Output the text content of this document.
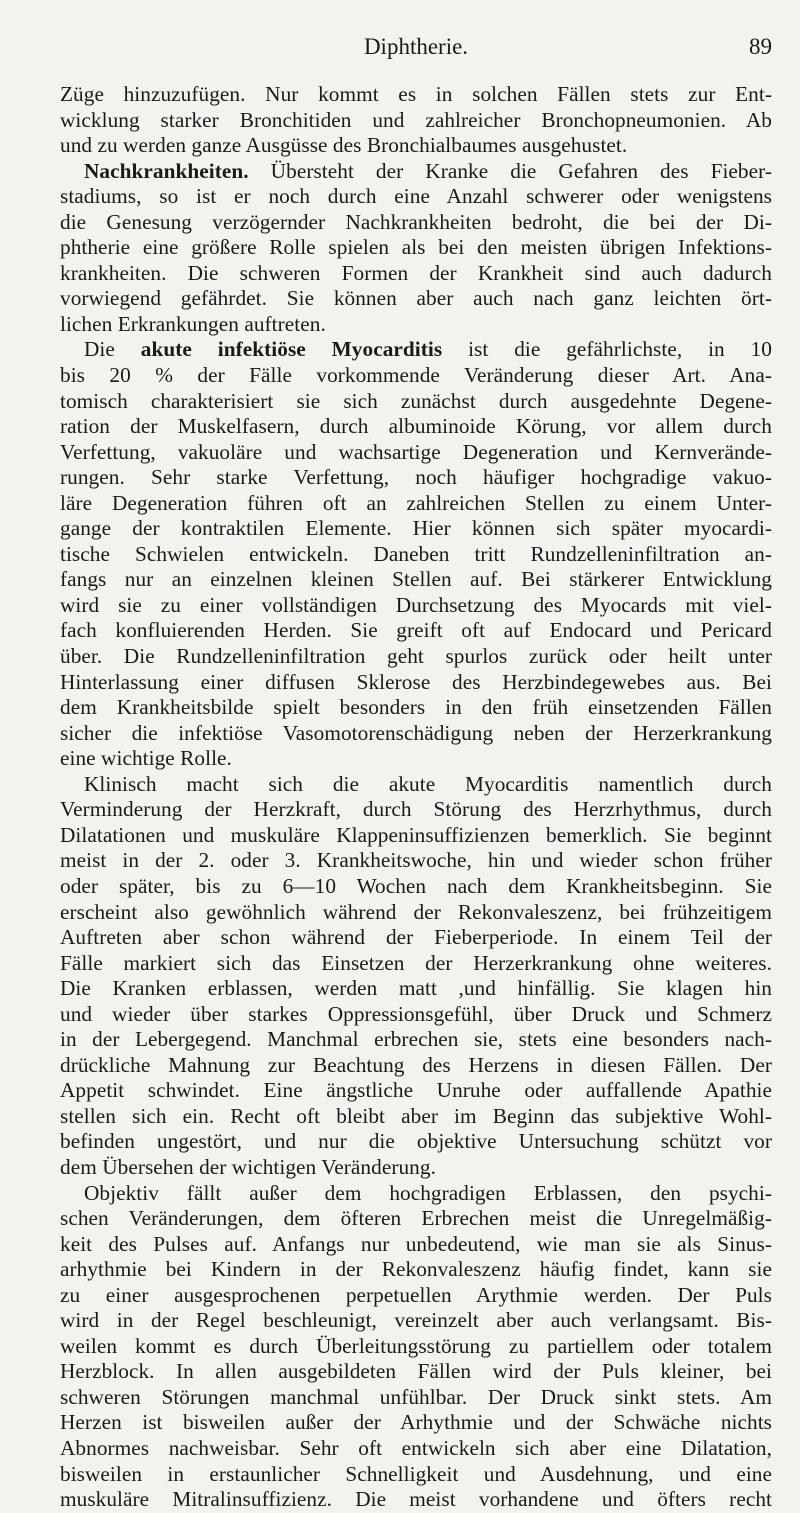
Diphtherie.	89
Züge hinzuzufügen. Nur kommt es in solchen Fällen stets zur Ent-
wicklung starker Bronchitiden und zahlreicher Bronchopneumonien. Ab
und zu werden ganze Ausgüsse des Bronchialbaumes ausgehustet.
Nachkrankheiten. Übersteht der Kranke die Gefahren des Fieber-
stadiums, so ist er noch durch eine Anzahl schwerer oder wenigstens
die Genesung verzögernder Nachkrankheiten bedroht, die bei der Di-
phtherie eine größere Rolle spielen als bei den meisten übrigen Infektions-
krankheiten. Die schweren Formen der Krankheit sind auch dadurch
vorwiegend gefährdet. Sie können aber auch nach ganz leichten ört-
lichen Erkrankungen auftreten.
Die akute infektiöse Myocarditis ist die gefährlichste, in 10
bis 20 % der Fälle vorkommende Veränderung dieser Art. Ana-
tomisch charakterisiert sie sich zunächst durch ausgedehnte Degene-
ration der Muskelfasern, durch albuminoide Körung, vor allem durch
Verfettung, vakuoläre und wachsartige Degeneration und Kernverände-
rungen. Sehr starke Verfettung, noch häufiger hochgradige vakuo-
läre Degeneration führen oft an zahlreichen Stellen zu einem Unter-
gange der kontraktilen Elemente. Hier können sich später myocardi-
tische Schwielen entwickeln. Daneben tritt Rundzelleninfiltration an-
fangs nur an einzelnen kleinen Stellen auf. Bei stärkerer Entwicklung
wird sie zu einer vollständigen Durchsetzung des Myocards mit viel-
fach konfluierenden Herden. Sie greift oft auf Endocard und Pericard
über. Die Rundzelleninfiltration geht spurlos zurück oder heilt unter
Hinterlassung einer diffusen Sklerose des Herzbindegewebes aus. Bei
dem Krankheitsbilde spielt besonders in den früh einsetzenden Fällen
sicher die infektiöse Vasomotorenschädigung neben der Herzerkrankung
eine wichtige Rolle.
Klinisch macht sich die akute Myocarditis namentlich durch
Verminderung der Herzkraft, durch Störung des Herzrhythmus, durch
Dilatationen und muskuläre Klappeninsuffizienzen bemerklich. Sie beginnt
meist in der 2. oder 3. Krankheitswoche, hin und wieder schon früher
oder später, bis zu 6—10 Wochen nach dem Krankheitsbeginn. Sie
erscheint also gewöhnlich während der Rekonvaleszenz, bei frühzeitigem
Auftreten aber schon während der Fieberperiode. In einem Teil der
Fälle markiert sich das Einsetzen der Herzerkrankung ohne weiteres.
Die Kranken erblassen, werden matt ,und hinfällig. Sie klagen hin
und wieder über starkes Oppressionsgefühl, über Druck und Schmerz
in der Lebergegend. Manchmal erbrechen sie, stets eine besonders nach-
drückliche Mahnung zur Beachtung des Herzens in diesen Fällen. Der
Appetit schwindet. Eine ängstliche Unruhe oder auffallende Apathie
stellen sich ein. Recht oft bleibt aber im Beginn das subjektive Wohl-
befinden ungestört, und nur die objektive Untersuchung schützt vor
dem Übersehen der wichtigen Veränderung.
Objektiv fällt außer dem hochgradigen Erblassen, den psychi-
schen Veränderungen, dem öfteren Erbrechen meist die Unregelmäßig-
keit des Pulses auf. Anfangs nur unbedeutend, wie man sie als Sinus-
arhythmie bei Kindern in der Rekonvaleszenz häufig findet, kann sie
zu einer ausgesprochenen perpetuellen Arythmie werden. Der Puls
wird in der Regel beschleunigt, vereinzelt aber auch verlangsamt. Bis-
weilen kommt es durch Überleitungsstörung zu partiellem oder totalem
Herzblock. In allen ausgebildeten Fällen wird der Puls kleiner, bei
schweren Störungen manchmal unfühlbar. Der Druck sinkt stets. Am
Herzen ist bisweilen außer der Arhythmie und der Schwäche nichts
Abnormes nachweisbar. Sehr oft entwickeln sich aber eine Dilatation,
bisweilen in erstaunlicher Schnelligkeit und Ausdehnung, und eine
muskuläre Mitralinsuffizienz. Die meist vorhandene und öfters recht
